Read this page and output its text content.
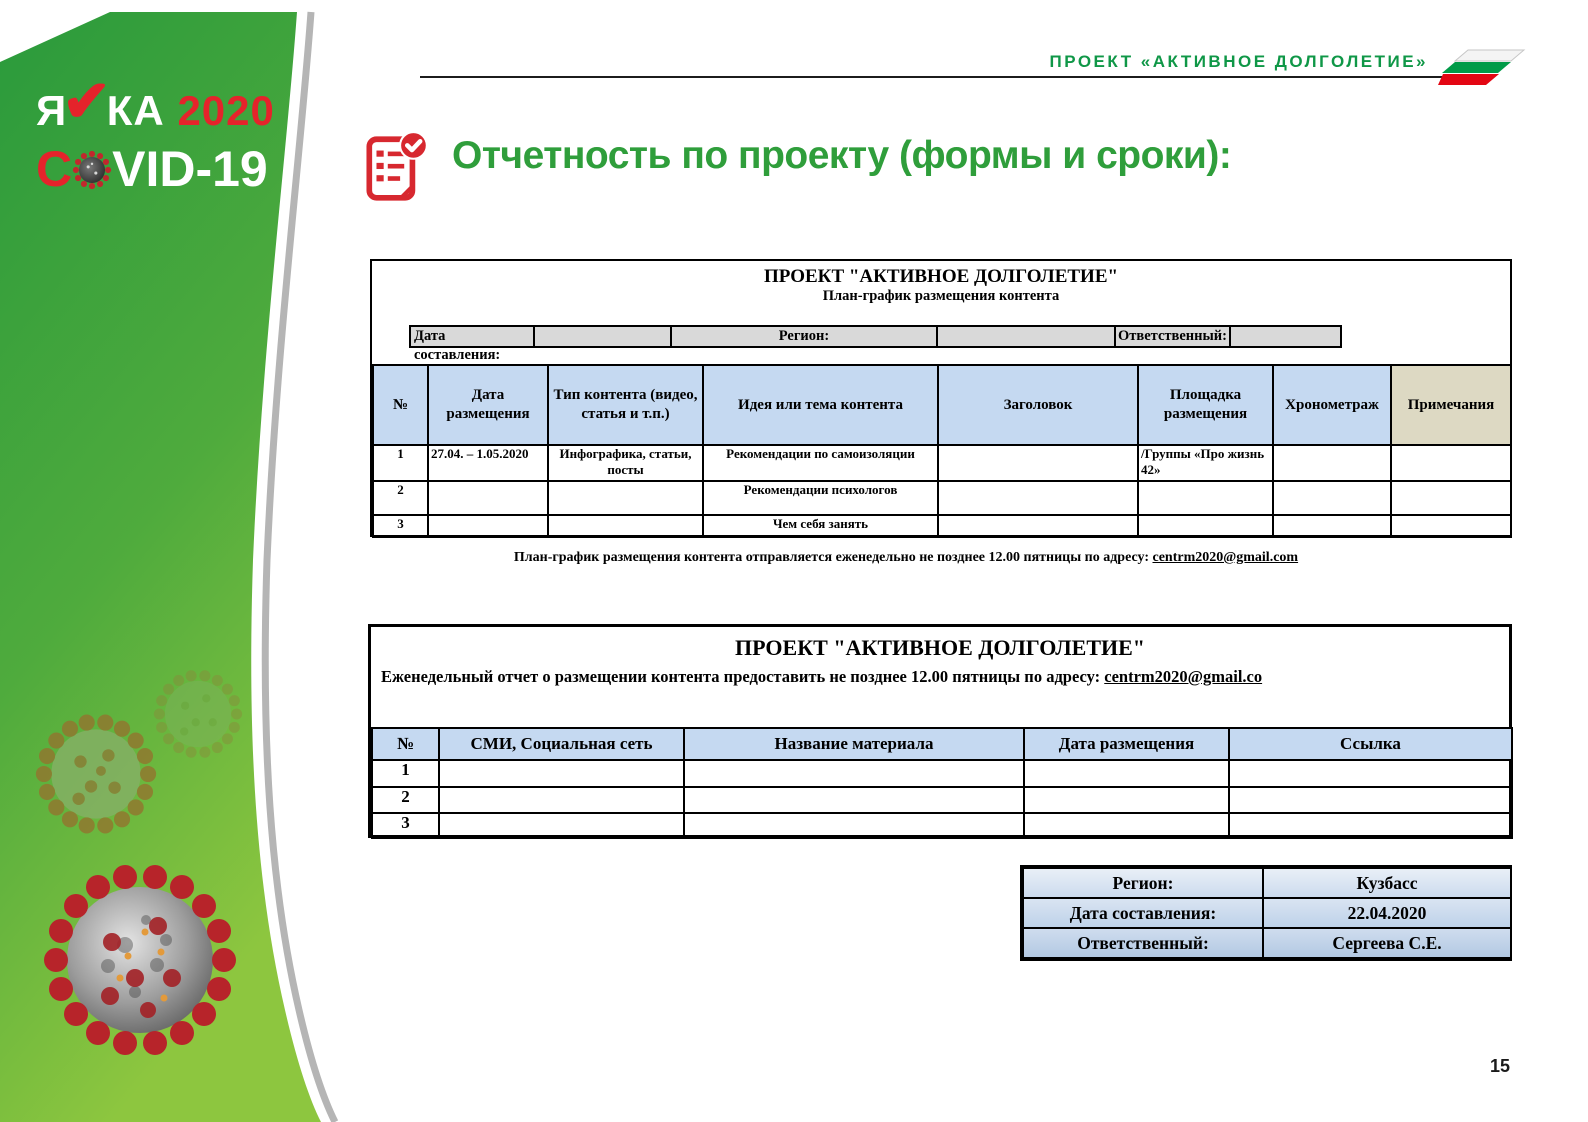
Я✔КА 2020
C VID-19
ПРОЕКТ «АКТИВНОЕ ДОЛГОЛЕТИЕ»
Отчетность по проекту (формы и сроки):
ПРОЕКТ "АКТИВНОЕ ДОЛГОЛЕТИЕ"
План-график размещения контента
Дата составления:
Регион:	Ответственный:
№	Дата размещения	Тип контента (видео, статья и т.п.)	Идея или тема контента	Заголовок	Площадка размещения	Хронометраж	Примечания
1	27.04. – 1.05.2020	Инфографика, статьи, посты	Рекомендации по самоизоляции		/Группы «Про жизнь 42»		
2			Рекомендации психологов				
3			Чем себя занять				
План-график размещения контента отправляется еженедельно не позднее 12.00 пятницы по адресу: centrm2020@gmail.com
ПРОЕКТ "АКТИВНОЕ ДОЛГОЛЕТИЕ"
Еженедельный отчет о размещении контента предоставить не позднее 12.00 пятницы по адресу: centrm2020@gmail.co
№	СМИ, Социальная сеть	Название материала	Дата размещения	Ссылка
1				
2				
3				
Регион:	Кузбасс
Дата составления:	22.04.2020
Ответственный:	Сергеева С.Е.
15
